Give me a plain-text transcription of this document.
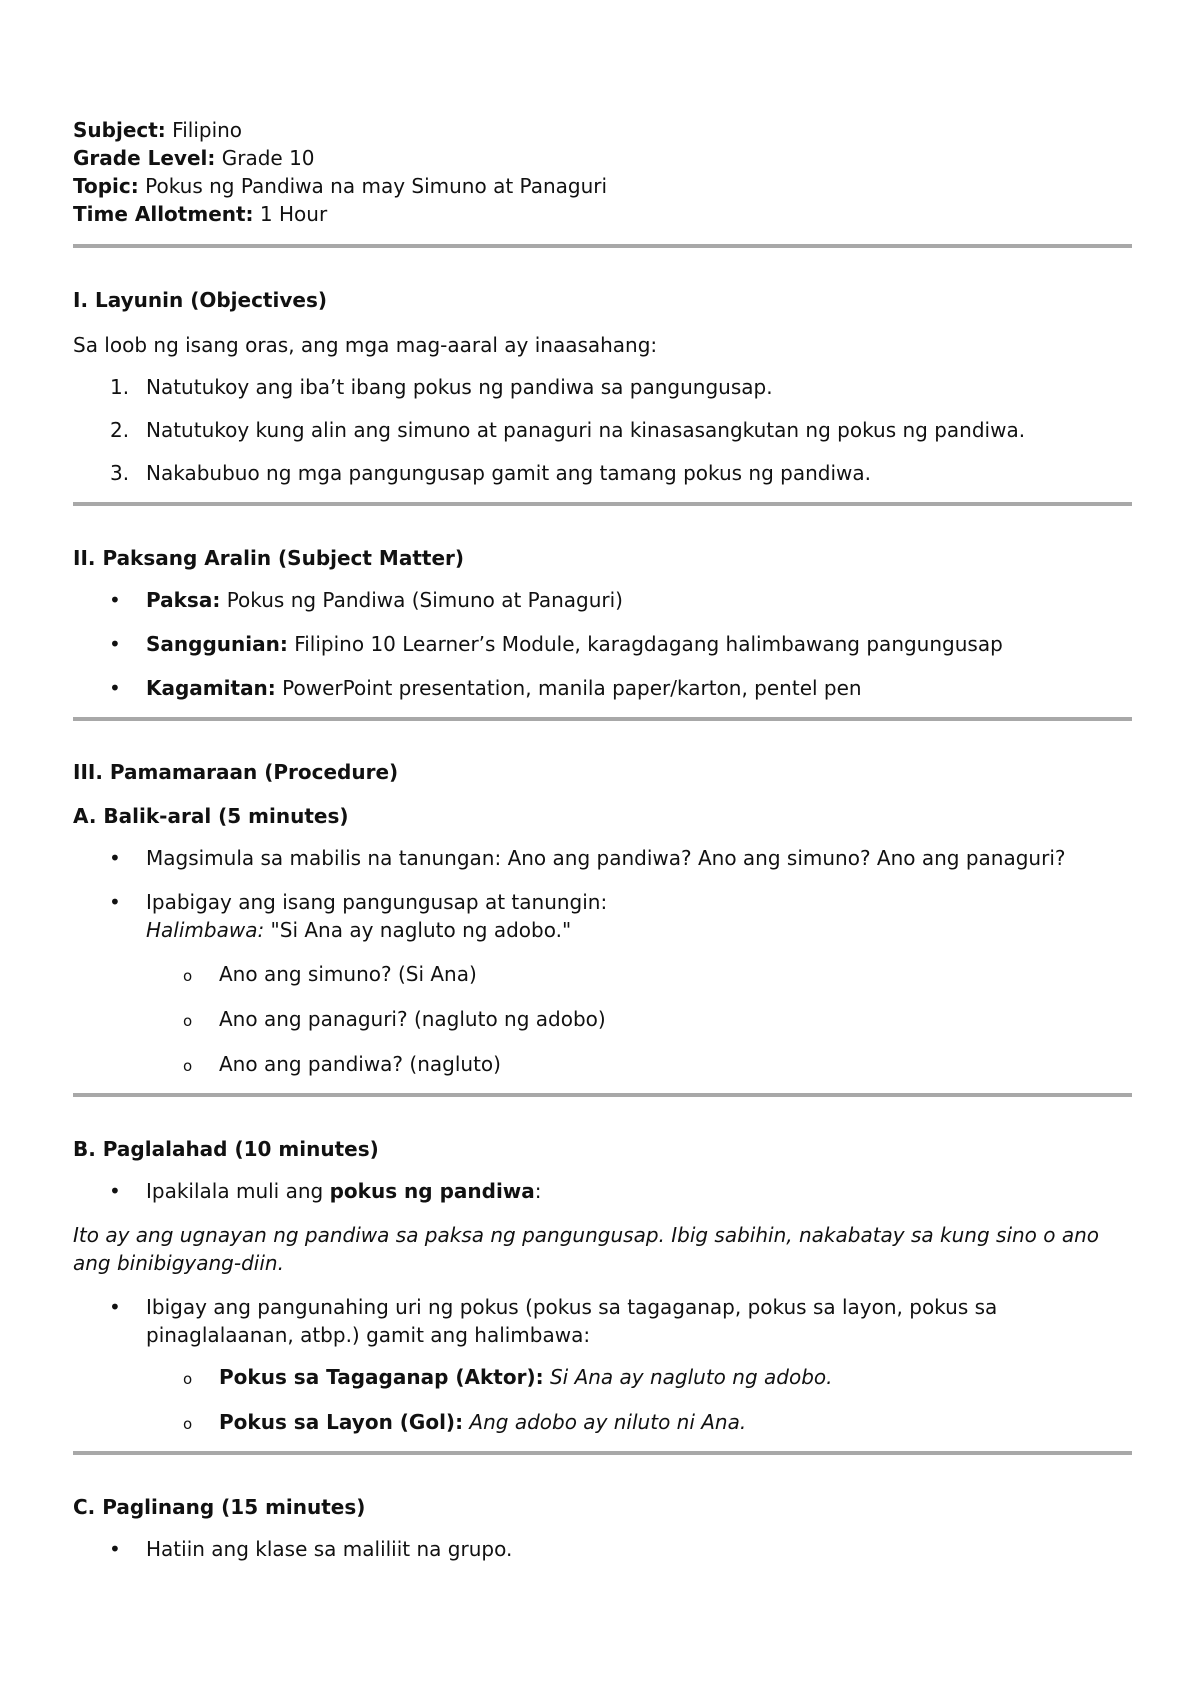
Subject: Filipino

Grade Level: Grade 10

Topic: Pokus ng Pandiwa na may Simuno at Panaguri

Time Allotment: 1 Hour

I. Layunin (Objectives)

Sa loob ng isang oras, ang mga mag-aaral ay inaasahang:

1. Natutukoy ang iba’t ibang pokus ng pandiwa sa pangungusap.
2. Natutukoy kung alin ang simuno at panaguri na kinasasangkutan ng pokus ng pandiwa.
3. Nakabubuo ng mga pangungusap gamit ang tamang pokus ng pandiwa.
II. Paksang Aralin (Subject Matter)
• Paksa: Pokus ng Pandiwa (Simuno at Panaguri)
• Sanggunian: Filipino 10 Learner’s Module, karagdagang halimbawang pangungusap
• Kagamitan: PowerPoint presentation, manila paper/karton, pentel pen
III. Pamamaraan (Procedure)
A. Balik-aral (5 minutes)
• Magsimula sa mabilis na tanungan: Ano ang pandiwa? Ano ang simuno? Ano ang panaguri?
• Ipabigay ang isang pangungusap at tanungin:
Halimbawa: "Si Ana ay nagluto ng adobo."
o Ano ang simuno? (Si Ana)
o Ano ang panaguri? (nagluto ng adobo)
o Ano ang pandiwa? (nagluto)
B. Paglalahad (10 minutes)
• Ipakilala muli ang pokus ng pandiwa:

Ito ay ang ugnayan ng pandiwa sa paksa ng pangungusap. Ibig sabihin, nakabatay sa kung sino o ano ang binibigyang-diin.

• Ibigay ang pangunahing uri ng pokus (pokus sa tagaganap, pokus sa layon, pokus sa pinaglalaanan, atbp.) gamit ang halimbawa:
o Pokus sa Tagaganap (Aktor): Si Ana ay nagluto ng adobo.
o Pokus sa Layon (Gol): Ang adobo ay niluto ni Ana.
C. Paglinang (15 minutes)
• Hatiin ang klase sa maliliit na grupo.
